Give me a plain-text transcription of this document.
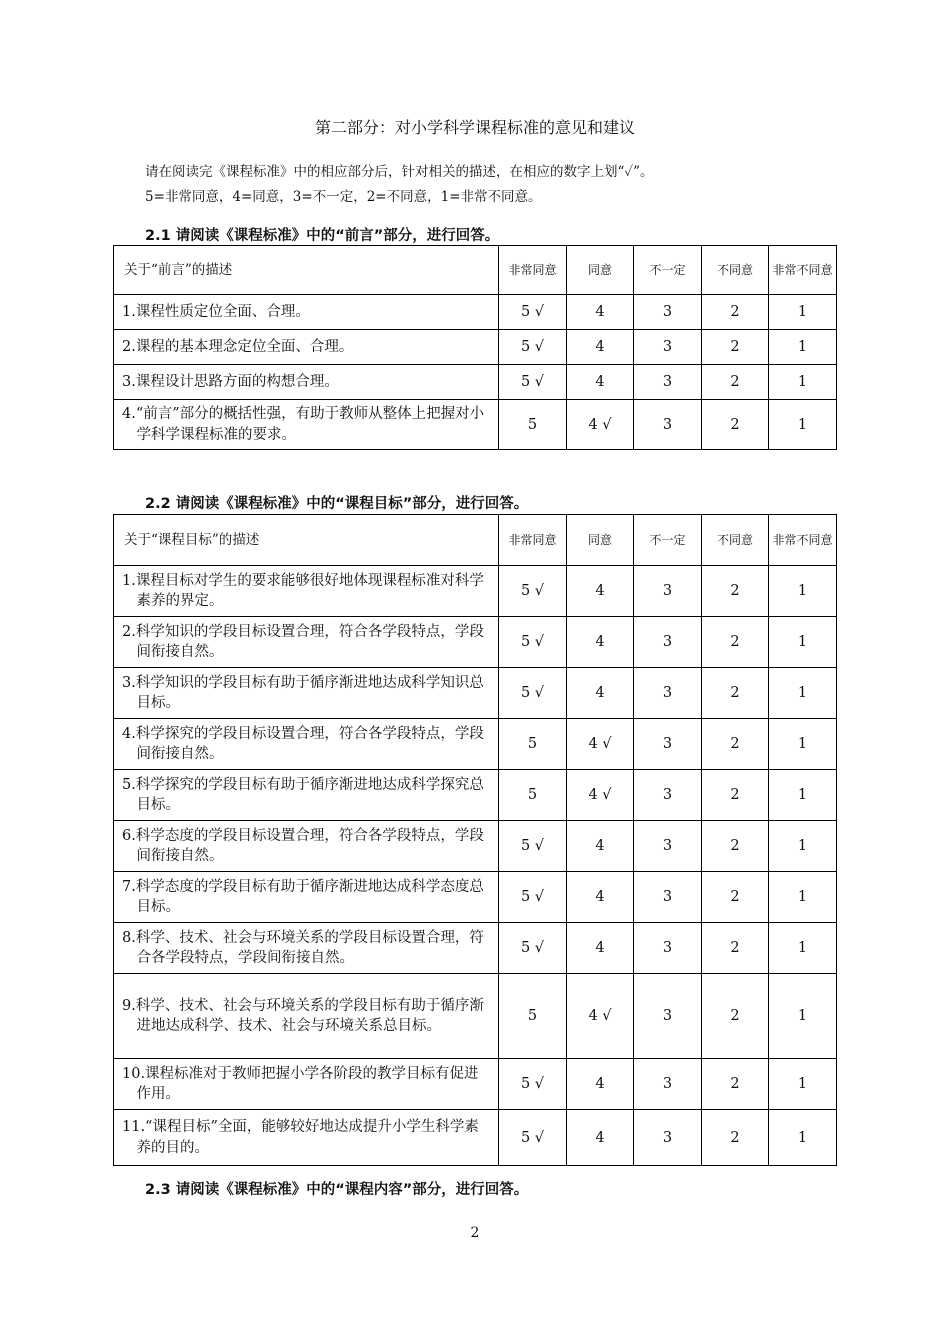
第二部分：对小学科学课程标准的意见和建议
请在阅读完《课程标准》中的相应部分后，针对相关的描述，在相应的数字上划“✓”。
5=非常同意，4=同意，3=不一定，2=不同意，1=非常不同意。
2.1 请阅读《课程标准》中的“前言”部分，进行回答。
关于“前言”的描述	非常同意	同意	不一定	不同意	非常不同意

1.课程性质定位全面、合理。	5 √	4	3	2	1

2.课程的基本理念定位全面、合理。	5 √	4	3	2	1

3.课程设计思路方面的构想合理。	5 √	4	3	2	1

4.“前言”部分的概括性强，有助于教师从整体上把握对小学科学课程标准的要求。	5	4 √	3	2	1
2.2 请阅读《课程标准》中的“课程目标”部分，进行回答。
关于“课程目标”的描述	非常同意	同意	不一定	不同意	非常不同意

1.课程目标对学生的要求能够很好地体现课程标准对科学素养的界定。	5 √	4	3	2	1

2.科学知识的学段目标设置合理，符合各学段特点，学段间衔接自然。	5 √	4	3	2	1

3.科学知识的学段目标有助于循序渐进地达成科学知识总目标。	5 √	4	3	2	1

4.科学探究的学段目标设置合理，符合各学段特点，学段间衔接自然。	5	4 √	3	2	1

5.科学探究的学段目标有助于循序渐进地达成科学探究总目标。	5	4 √	3	2	1

6.科学态度的学段目标设置合理，符合各学段特点，学段间衔接自然。	5 √	4	3	2	1

7.科学态度的学段目标有助于循序渐进地达成科学态度总目标。	5 √	4	3	2	1

8.科学、技术、社会与环境关系的学段目标设置合理，符合各学段特点，学段间衔接自然。	5 √	4	3	2	1

9.科学、技术、社会与环境关系的学段目标有助于循序渐进地达成科学、技术、社会与环境关系总目标。	5	4 √	3	2	1

10.课程标准对于教师把握小学各阶段的教学目标有促进作用。	5 √	4	3	2	1

11.“课程目标”全面，能够较好地达成提升小学生科学素养的目的。	5 √	4	3	2	1
2.3 请阅读《课程标准》中的“课程内容”部分，进行回答。
2
